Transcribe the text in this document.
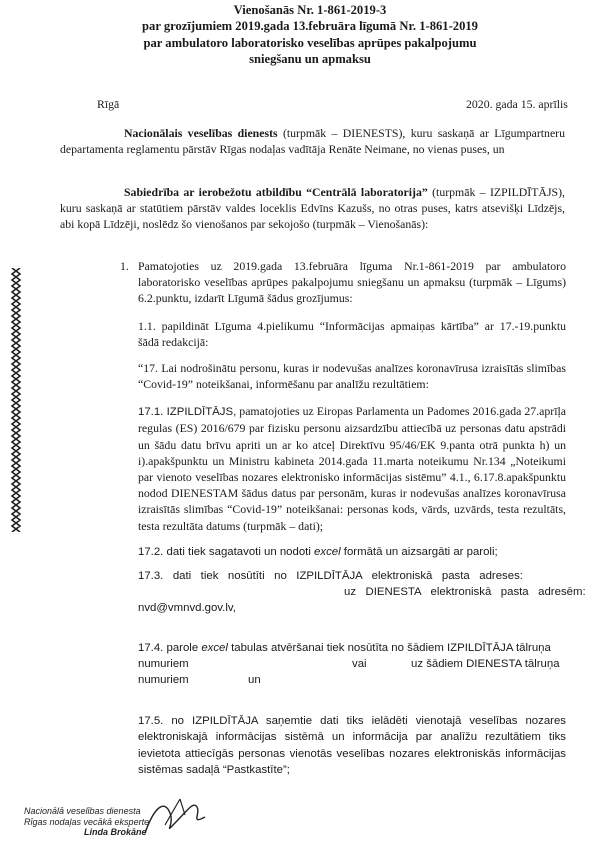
Vienošanās Nr. 1-861-2019-3
par grozījumiem 2019.gada 13.februāra līgumā Nr. 1-861-2019
par ambulatoro laboratorisko veselības aprūpes pakalpojumu
sniegšanu un apmaksu
Rīgā	2020. gada 15. aprīlis
Nacionālais veselības dienests (turpmāk – DIENESTS), kuru saskaņā ar Līgumpartneru departamenta reglamentu pārstāv Rīgas nodaļas vadītāja Renāte Neimane, no vienas puses, un
Sabiedrība ar ierobežotu atbildību “Centrālā laboratorija” (turpmāk – IZPILDĪTĀJS), kuru saskaņā ar statūtiem pārstāv valdes loceklis Edvīns Kazušs, no otras puses, katrs atsevišķi Līdzējs, abi kopā Līdzēji, noslēdz šo vienošanos par sekojošo (turpmāk – Vienošanās):
1. Pamatojoties uz 2019.gada 13.februāra līguma Nr.1-861-2019 par ambulatoro laboratorisko veselības aprūpes pakalpojumu sniegšanu un apmaksu (turpmāk – Līgums) 6.2.punktu, izdarīt Līgumā šādus grozījumus:
1.1. papildināt Līguma 4.pielikumu “Informācijas apmaiņas kārtība” ar 17.-19.punktu šādā redakcijā:
“17. Lai nodrošinātu personu, kuras ir nodevušas analīzes koronavīrusa izraisītās slimības “Covid-19” noteikšanai, informēšanu par analīžu rezultātiem:
17.1. IZPILDĪTĀJS, pamatojoties uz Eiropas Parlamenta un Padomes 2016.gada 27.aprīļa regulas (ES) 2016/679 par fizisku personu aizsardzību attiecībā uz personas datu apstrādi un šādu datu brīvu apriti un ar ko atceļ Direktīvu 95/46/EK 9.panta otrā punkta h) un i).apakšpunktu un Ministru kabineta 2014.gada 11.marta noteikumu Nr.134 „Noteikumi par vienoto veselības nozares elektronisko informācijas sistēmu” 4.1., 6.17.8.apakšpunktu nodod DIENESTAM šādus datus par personām, kuras ir nodevušas analīzes koronavīrusa izraisītās slimības “Covid-19” noteikšanai: personas kods, vārds, uzvārds, testa rezultāts, testa rezultāta datums (turpmāk – dati);
17.2. dati tiek sagatavoti un nodoti excel formātā un aizsargāti ar paroli;
17.3.   dati   tiek   nosūtīti   no   IZPILDĪTĀJA   elektroniskā   pasta   adreses:
uz   DIENESTA   elektroniskā   pasta   adresēm:
nvd@vmnvd.gov.lv,
17.4. parole excel tabulas atvēršanai tiek nosūtīta no šādiem IZPILDĪTĀJA tālruņa
numuriem	vai	uz šādiem DIENESTA tālruņa
numuriem	un
17.5. no IZPILDĪTĀJA saņemtie dati tiks ielādēti vienotajā veselības nozares elektroniskajā informācijas sistēmā un informācija par analīžu rezultātiem tiks ievietota attiecīgās personas vienotās veselības nozares elektroniskās informācijas sistēmas sadaļā “Pastkastīte”;
Nacionālā veselības dienesta
Rīgas nodaļas vecākā eksperte
Linda Brokāne
